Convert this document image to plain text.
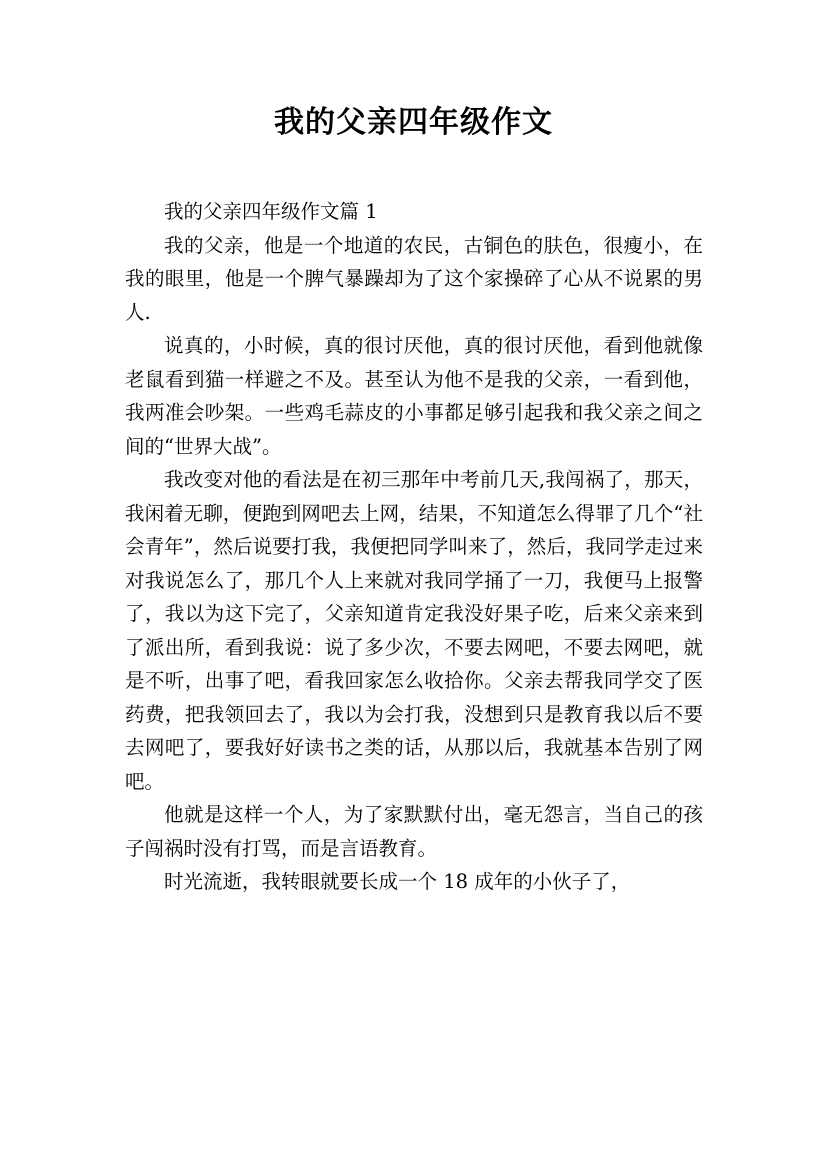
我的父亲四年级作文

我的父亲四年级作文篇 1

我的父亲，他是一个地道的农民，古铜色的肤色，很瘦小，在我的眼里，他是一个脾气暴躁却为了这个家操碎了心从不说累的男人.

说真的，小时候，真的很讨厌他，真的很讨厌他，看到他就像老鼠看到猫一样避之不及。甚至认为他不是我的父亲，一看到他，我两准会吵架。一些鸡毛蒜皮的小事都足够引起我和我父亲之间之间的“世界大战”。

我改变对他的看法是在初三那年中考前几天,我闯祸了，那天，我闲着无聊，便跑到网吧去上网，结果，不知道怎么得罪了几个“社会青年”，然后说要打我，我便把同学叫来了，然后，我同学走过来对我说怎么了，那几个人上来就对我同学捅了一刀，我便马上报警了，我以为这下完了，父亲知道肯定我没好果子吃，后来父亲来到了派出所，看到我说：说了多少次，不要去网吧，不要去网吧，就是不听，出事了吧，看我回家怎么收拾你。父亲去帮我同学交了医药费，把我领回去了，我以为会打我，没想到只是教育我以后不要去网吧了，要我好好读书之类的话，从那以后，我就基本告别了网吧。

他就是这样一个人，为了家默默付出，毫无怨言，当自己的孩子闯祸时没有打骂，而是言语教育。

时光流逝，我转眼就要长成一个 18 成年的小伙子了，
